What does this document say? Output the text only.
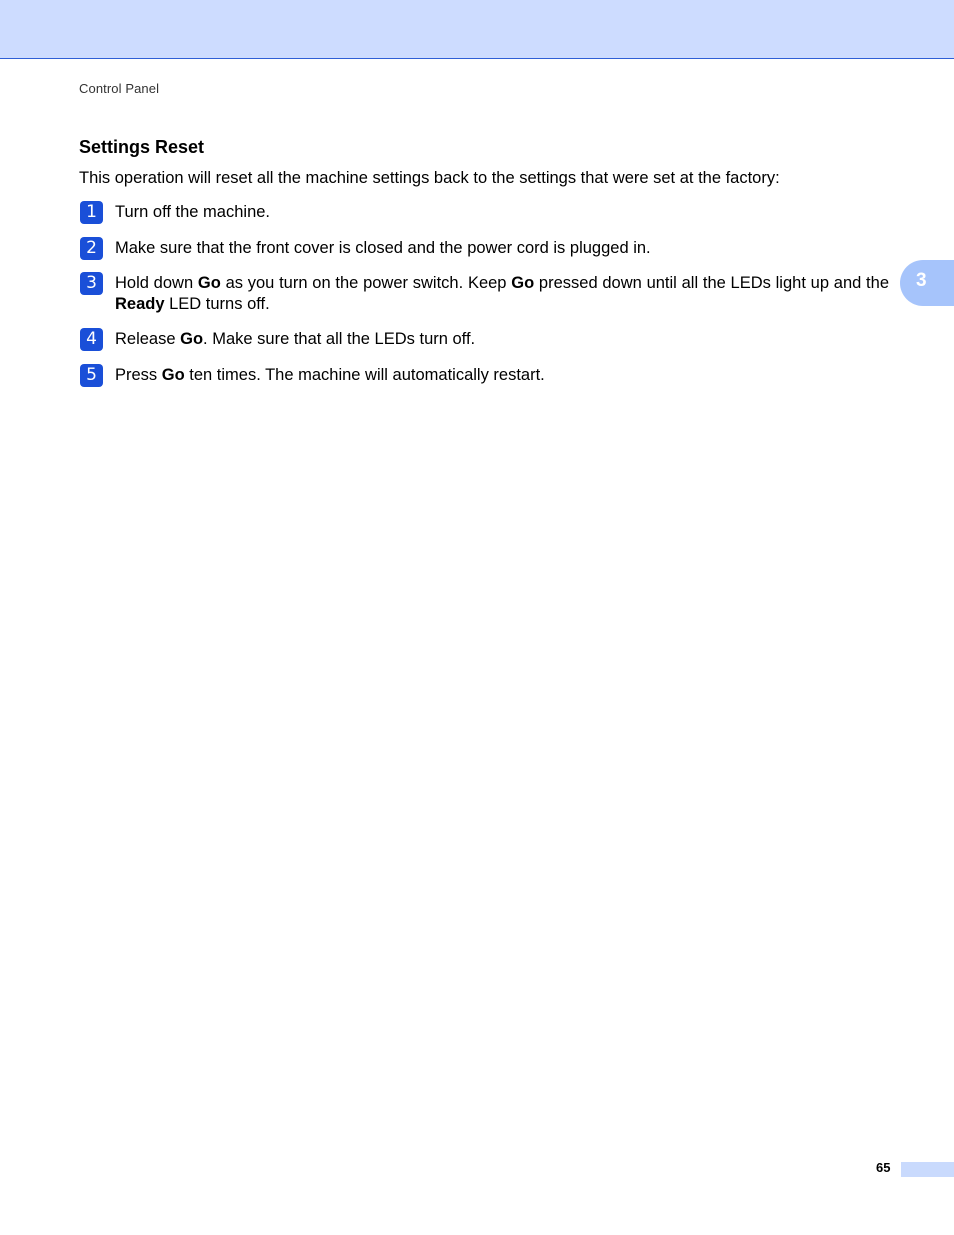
Control Panel
3
Settings Reset
This operation will reset all the machine settings back to the settings that were set at the factory:
1	Turn off the machine.
2	Make sure that the front cover is closed and the power cord is plugged in.
3	Hold down Go as you turn on the power switch. Keep Go pressed down until all the LEDs light up and the Ready LED turns off.
4	Release Go. Make sure that all the LEDs turn off.
5	Press Go ten times. The machine will automatically restart.
65
